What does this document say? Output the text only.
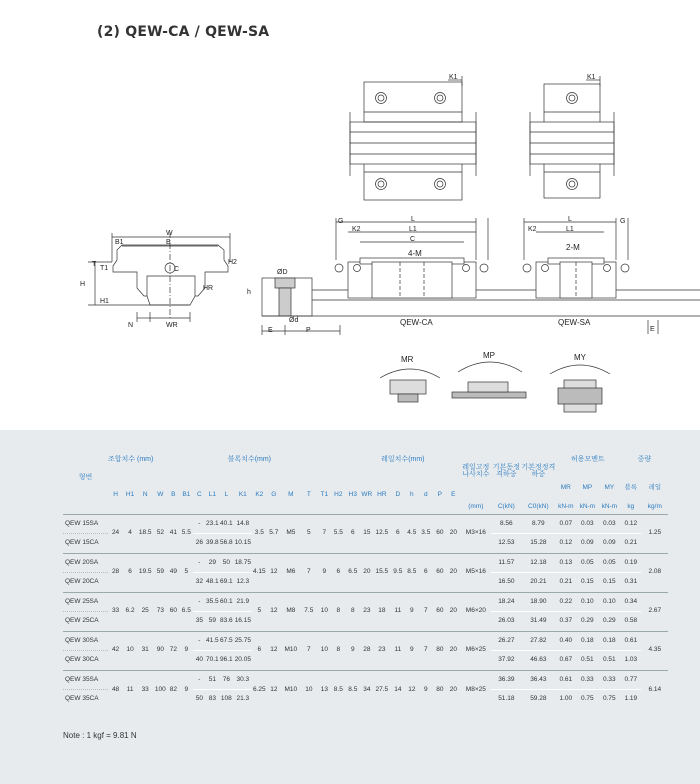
(2) QEW-CA / QEW-SA
K1	K1
W
B
B1
C
H
H1
T
T1
H2
HR
N	WR
ØD
h
Ød
E	P
G	L
L1
K2
C
4-M
G
L
L1
K2
2-M
QEW-CA	QEW-SA
E
MR	MP	MY
형번	조합치수 (mm)			블록치수(mm)													레일치수(mm)								레일고정나사치수	기본동정격하중	기본정정격하중	허용모멘트			중량	
	H	H1	N	W	B	B1	C	L1	L	K1	K2	G	M	T	T1	H2	H3	WR	HR	D	h	d	P	E				MR	MP	MY	블록	레일
																									(mm)	C(kN)	C0(kN)	kN-m	kN-m	kN-m	kg	kg/m
QEW 15SA	24	4	18.5	52	41	5.5	-	23.1	40.1	14.8	3.5	5.7	M5	5	7	5.5	6	15	12.5	6	4.5	3.5	60	20	M3×16	8.56	8.79	0.07	0.03	0.03	0.12	1.25
QEW 15CA							26	39.8	56.8	10.15																12.53	15.28	0.12	0.09	0.09	0.21	
QEW 20SA	28	6	19.5	59	49	5	-	29	50	18.75	4.15	12	M6	7	9	6	6.5	20	15.5	9.5	8.5	6	60	20	M5×16	11.57	12.18	0.13	0.05	0.05	0.19	2.08
QEW 20CA							32	48.1	69.1	12.3																16.50	20.21	0.21	0.15	0.15	0.31	
QEW 25SA	33	6.2	25	73	60	6.5	-	35.5	60.1	21.9	5	12	M8	7.5	10	8	8	23	18	11	9	7	60	20	M6×20	18.24	18.90	0.22	0.10	0.10	0.34	2.67
QEW 25CA							35	59	83.6	16.15																26.03	31.49	0.37	0.29	0.29	0.58	
QEW 30SA	42	10	31	90	72	9	-	41.5	67.5	25.75	6	12	M10	7	10	8	9	28	23	11	9	7	80	20	M6×25	26.27	27.82	0.40	0.18	0.18	0.61	4.35
QEW 30CA							40	70.1	96.1	20.05																37.92	46.63	0.67	0.51	0.51	1.03	
QEW 35SA	48	11	33	100	82	9	-	51	76	30.3	6.25	12	M10	10	13	8.5	8.5	34	27.5	14	12	9	80	20	M8×25	36.39	36.43	0.61	0.33	0.33	0.77	6.14
QEW 35CA							50	83	108	21.3																51.18	59.28	1.00	0.75	0.75	1.19	
Note : 1 kgf = 9.81 N
